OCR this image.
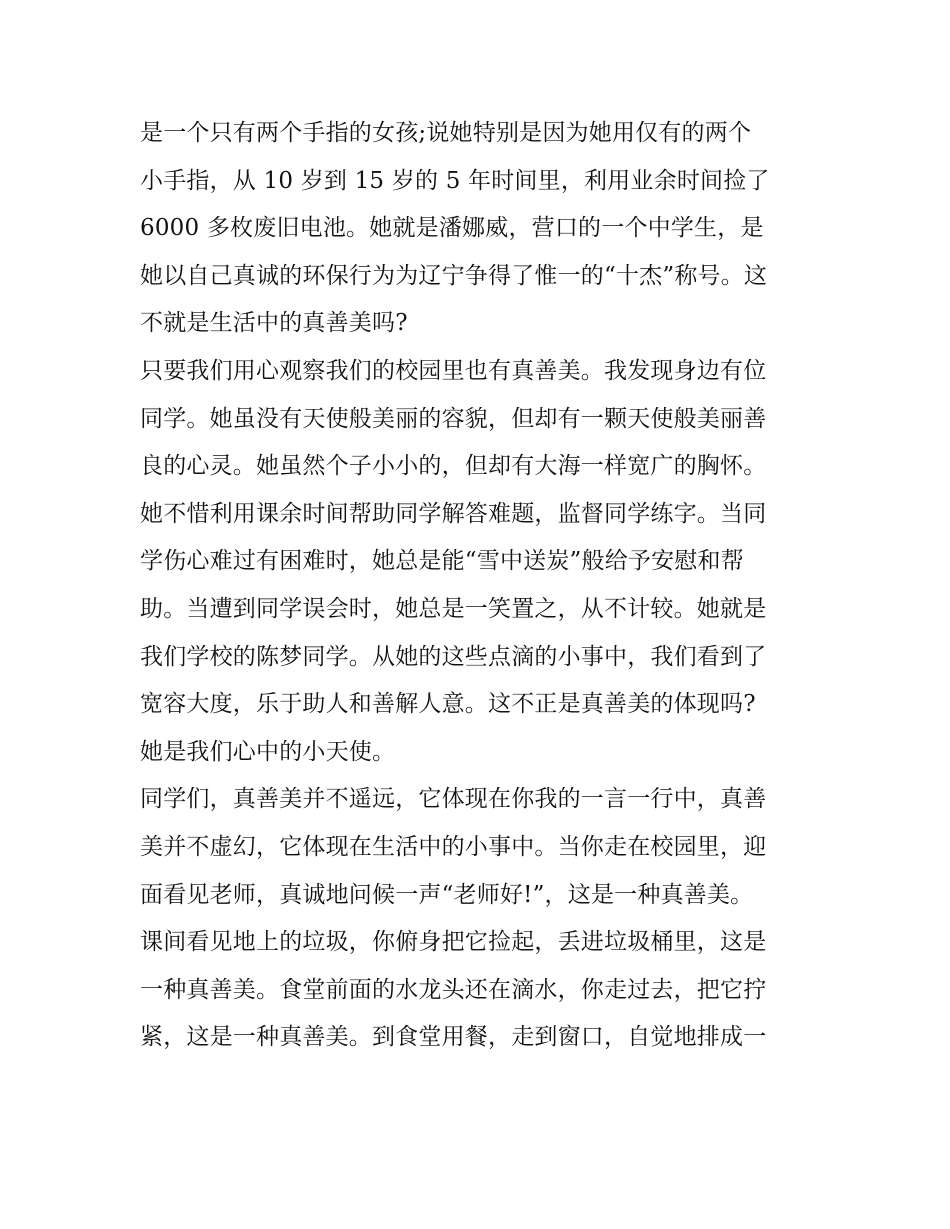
是一个只有两个手指的女孩;说她特别是因为她用仅有的两个
小手指，从 10 岁到 15 岁的 5 年时间里，利用业余时间捡了
6000 多枚废旧电池。她就是潘娜威，营口的一个中学生，是
她以自己真诚的环保行为为辽宁争得了惟一的“十杰”称号。这
不就是生活中的真善美吗?
只要我们用心观察我们的校园里也有真善美。我发现身边有位
同学。她虽没有天使般美丽的容貌，但却有一颗天使般美丽善
良的心灵。她虽然个子小小的，但却有大海一样宽广的胸怀。
她不惜利用课余时间帮助同学解答难题，监督同学练字。当同
学伤心难过有困难时，她总是能“雪中送炭”般给予安慰和帮
助。当遭到同学误会时，她总是一笑置之，从不计较。她就是
我们学校的陈梦同学。从她的这些点滴的小事中，我们看到了
宽容大度，乐于助人和善解人意。这不正是真善美的体现吗?
她是我们心中的小天使。
同学们，真善美并不遥远，它体现在你我的一言一行中，真善
美并不虚幻，它体现在生活中的小事中。当你走在校园里，迎
面看见老师，真诚地问候一声“老师好!”，这是一种真善美。
课间看见地上的垃圾，你俯身把它捡起，丢进垃圾桶里，这是
一种真善美。食堂前面的水龙头还在滴水，你走过去，把它拧
紧，这是一种真善美。到食堂用餐，走到窗口，自觉地排成一
